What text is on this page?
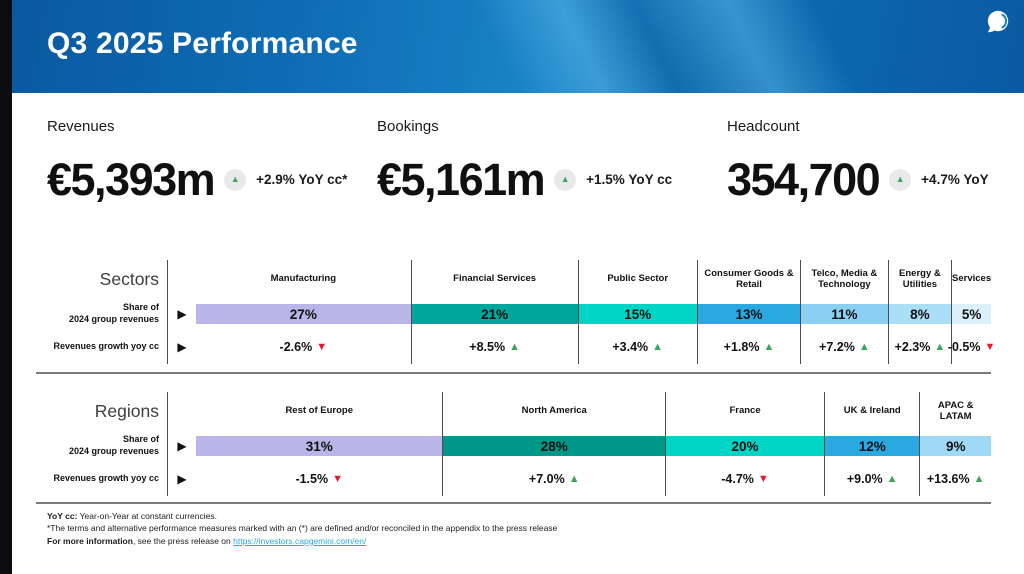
Q3 2025 Performance
Revenues
€5,393m ▲ +2.9% YoY cc*
Bookings
€5,161m ▲ +1.5% YoY cc
Headcount
354,700 ▲ +4.7% YoY
Sectors
Share of
2024 group revenues
Revenues growth yoy cc
▶
▶
Manufacturing
27%
-2.6% ▼
Financial Services
21%
+8.5% ▲
Public Sector
15%
+3.4% ▲
Consumer Goods & Retail
13%
+1.8% ▲
Telco, Media & Technology
11%
+7.2% ▲
Energy & Utilities
8%
+2.3% ▲
Services
5%
-0.5% ▼
Regions
Share of
2024 group revenues
Revenues growth yoy cc
▶
▶
Rest of Europe
31%
-1.5% ▼
North America
28%
+7.0% ▲
France
20%
-4.7% ▼
UK & Ireland
12%
+9.0% ▲
APAC & LATAM
9%
+13.6% ▲
YoY cc: Year-on-Year at constant currencies.
*The terms and alternative performance measures marked with an (*) are defined and/or reconciled in the appendix to the press release
For more information, see the press release on https://investors.capgemini.com/en/
